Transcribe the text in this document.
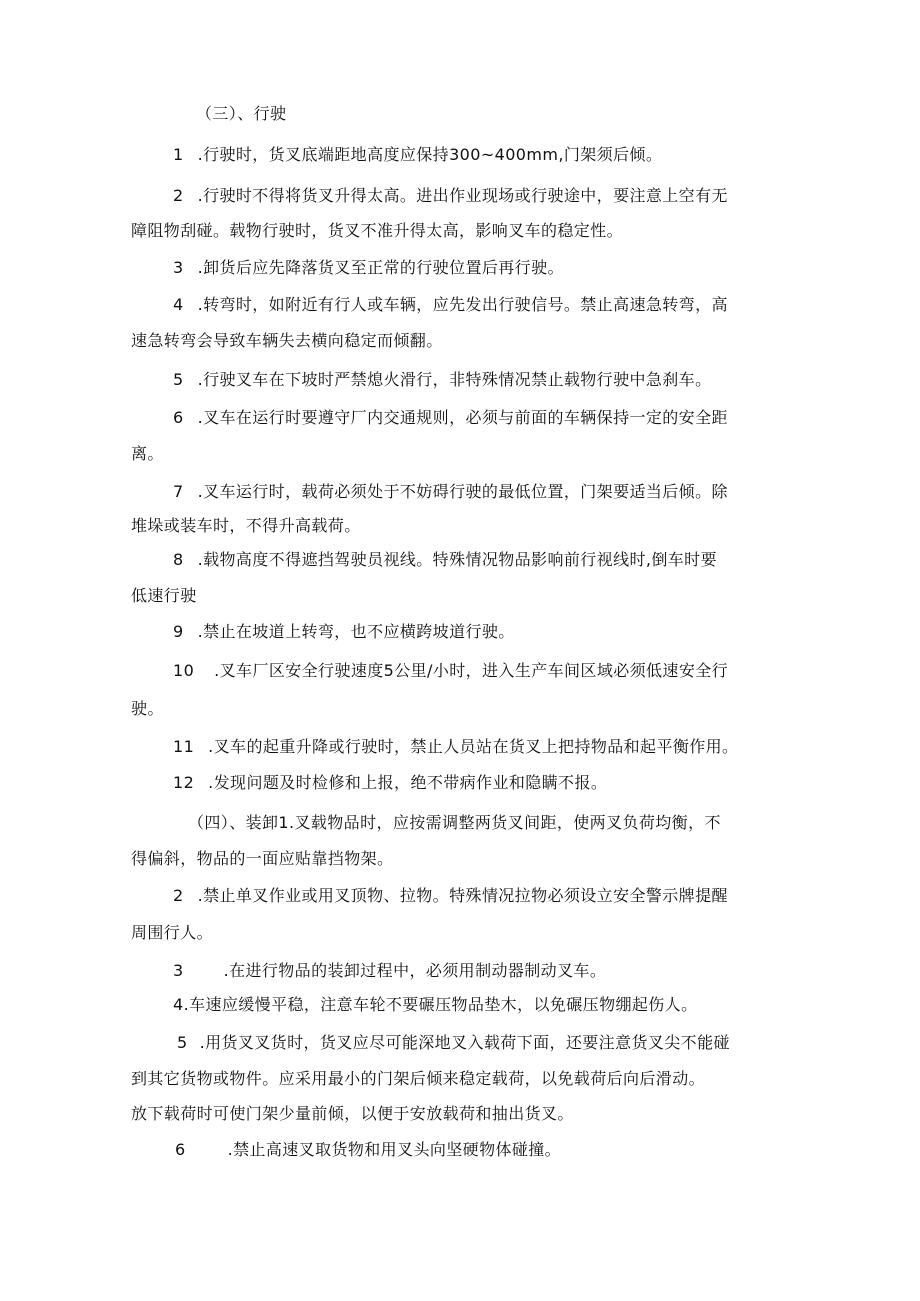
（三）、行驶
1 .行驶时，货叉底端距地高度应保持300~400mm,门架须后倾。
2 .行驶时不得将货叉升得太高。进出作业现场或行驶途中，要注意上空有无
障阻物刮碰。载物行驶时，货叉不准升得太高，影响叉车的稳定性。
3 .卸货后应先降落货叉至正常的行驶位置后再行驶。
4 .转弯时，如附近有行人或车辆，应先发出行驶信号。禁止高速急转弯，高
速急转弯会导致车辆失去横向稳定而倾翻。
5 .行驶叉车在下坡时严禁熄火滑行，非特殊情况禁止载物行驶中急刹车。
6 .叉车在运行时要遵守厂内交通规则，必须与前面的车辆保持一定的安全距
离。
7 .叉车运行时，载荷必须处于不妨碍行驶的最低位置，门架要适当后倾。除
堆垛或装车时，不得升高载荷。
8 .载物高度不得遮挡驾驶员视线。特殊情况物品影响前行视线时,倒车时要
低速行驶
9 .禁止在坡道上转弯，也不应横跨坡道行驶。
10 .叉车厂区安全行驶速度5公里/小时，进入生产车间区域必须低速安全行
驶。
11 .叉车的起重升降或行驶时，禁止人员站在货叉上把持物品和起平衡作用。
12 .发现问题及时检修和上报，绝不带病作业和隐瞒不报。
（四）、装卸1.叉载物品时，应按需调整两货叉间距，使两叉负荷均衡，不
得偏斜，物品的一面应贴靠挡物架。
2 .禁止单叉作业或用叉顶物、拉物。特殊情况拉物必须设立安全警示牌提醒
周围行人。
3	.在进行物品的装卸过程中，必须用制动器制动叉车。
4.车速应缓慢平稳，注意车轮不要碾压物品垫木，以免碾压物绷起伤人。
5 .用货叉叉货时，货叉应尽可能深地叉入载荷下面，还要注意货叉尖不能碰
到其它货物或物件。应采用最小的门架后倾来稳定载荷，以免载荷后向后滑动。
放下载荷时可使门架少量前倾，以便于安放载荷和抽出货叉。
6	.禁止高速叉取货物和用叉头向坚硬物体碰撞。
